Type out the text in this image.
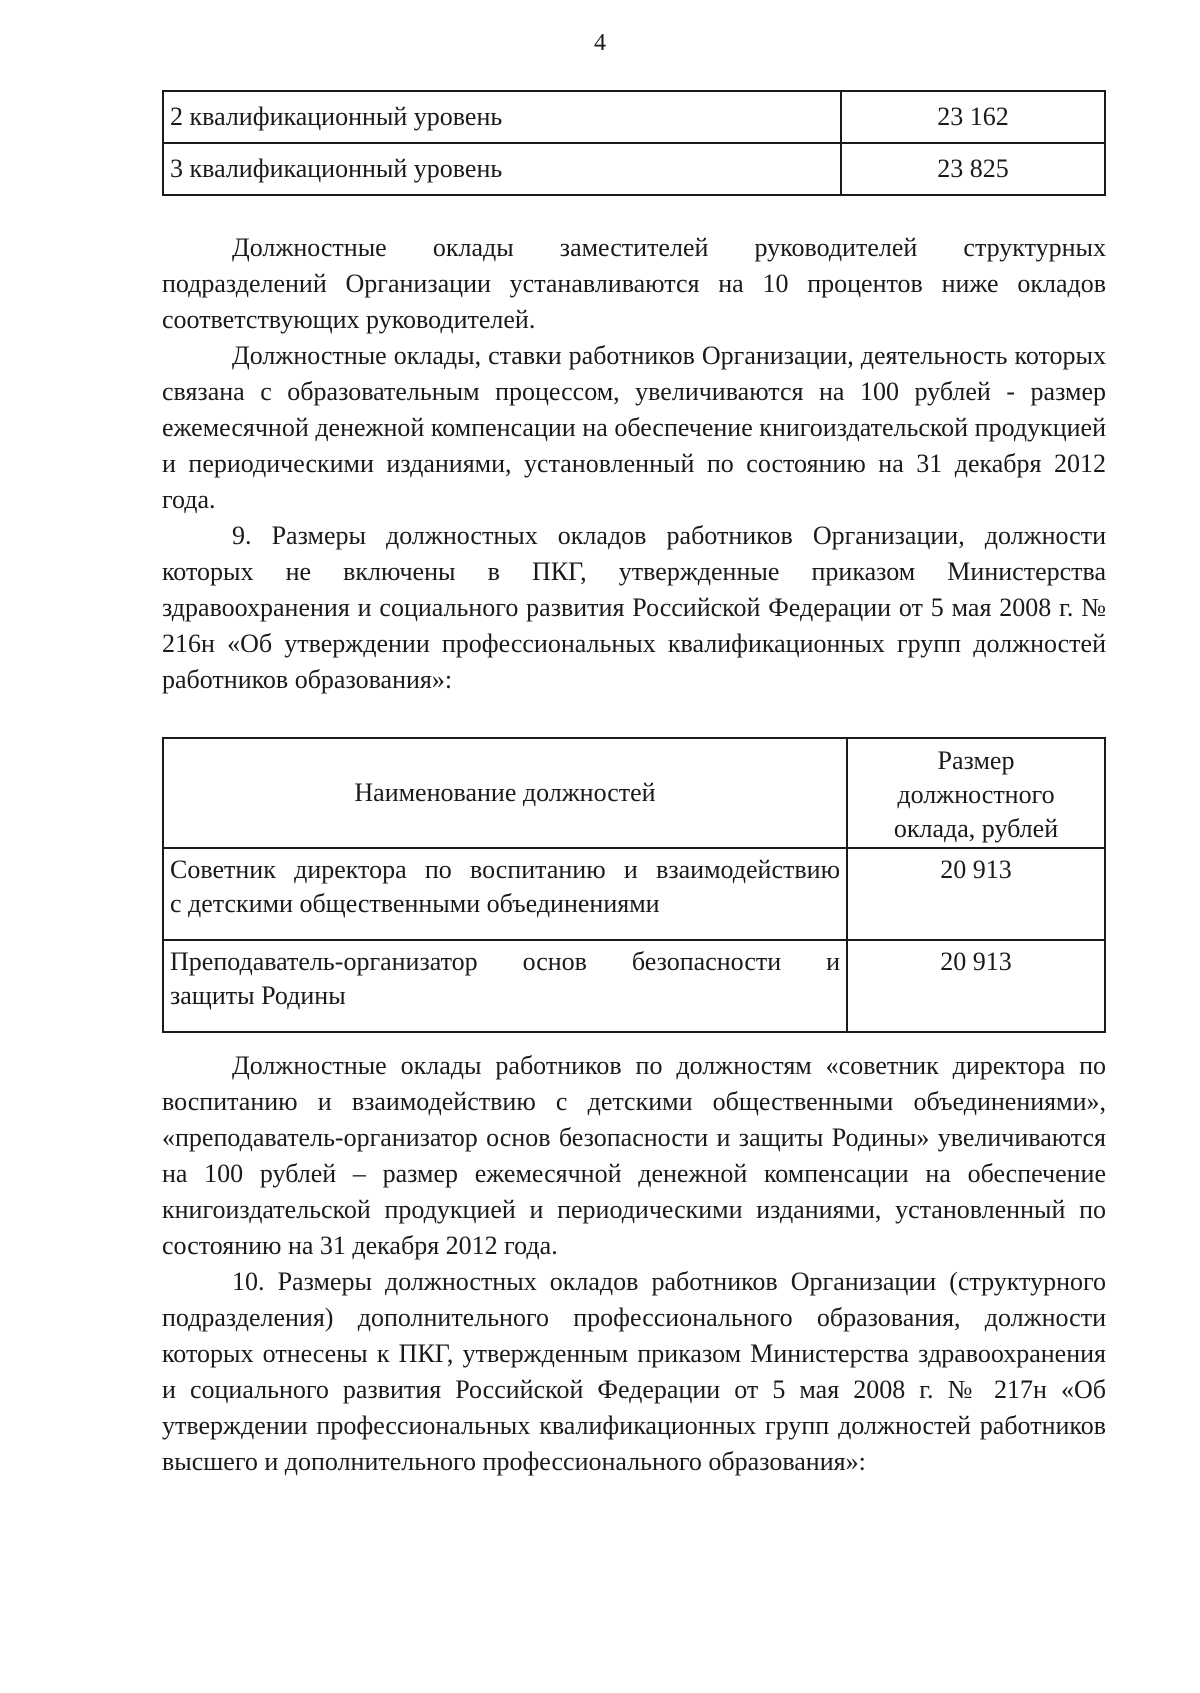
4
2 квалификационный уровень	23 162
3 квалификационный уровень	23 825

Должностные оклады заместителей руководителей структурных подразделений Организации устанавливаются на 10 процентов ниже окладов соответствующих руководителей.

Должностные оклады, ставки работников Организации, деятельность которых связана с образовательным процессом, увеличиваются на 100 рублей - размер ежемесячной денежной компенсации на обеспечение книгоиздательской продукцией и периодическими изданиями, установленный по состоянию на 31 декабря 2012 года.

9. Размеры должностных окладов работников Организации, должности которых не включены в ПКГ, утвержденные приказом Министерства здравоохранения и социального развития Российской Федерации от 5 мая 2008 г. № 216н «Об утверждении профессиональных квалификационных групп должностей работников образования»:

Наименование должностей	Размер
должностного
оклада, рублей

Советник директора по воспитанию и взаимодействию
с детскими общественными объединениями	20 913

Преподаватель-организатор основ безопасности и
защиты Родины	20 913

Должностные оклады работников по должностям «советник директора по воспитанию и взаимодействию с детскими общественными объединениями», «преподаватель-организатор основ безопасности и защиты Родины» увеличиваются на 100 рублей – размер ежемесячной денежной компенсации на обеспечение книгоиздательской продукцией и периодическими изданиями, установленный по состоянию на 31 декабря 2012 года.

10. Размеры должностных окладов работников Организации (структурного подразделения) дополнительного профессионального образования, должности которых отнесены к ПКГ, утвержденным приказом Министерства здравоохранения и социального развития Российской Федерации от 5 мая 2008 г. № 217н «Об утверждении профессиональных квалификационных групп должностей работников высшего и дополнительного профессионального образования»:
